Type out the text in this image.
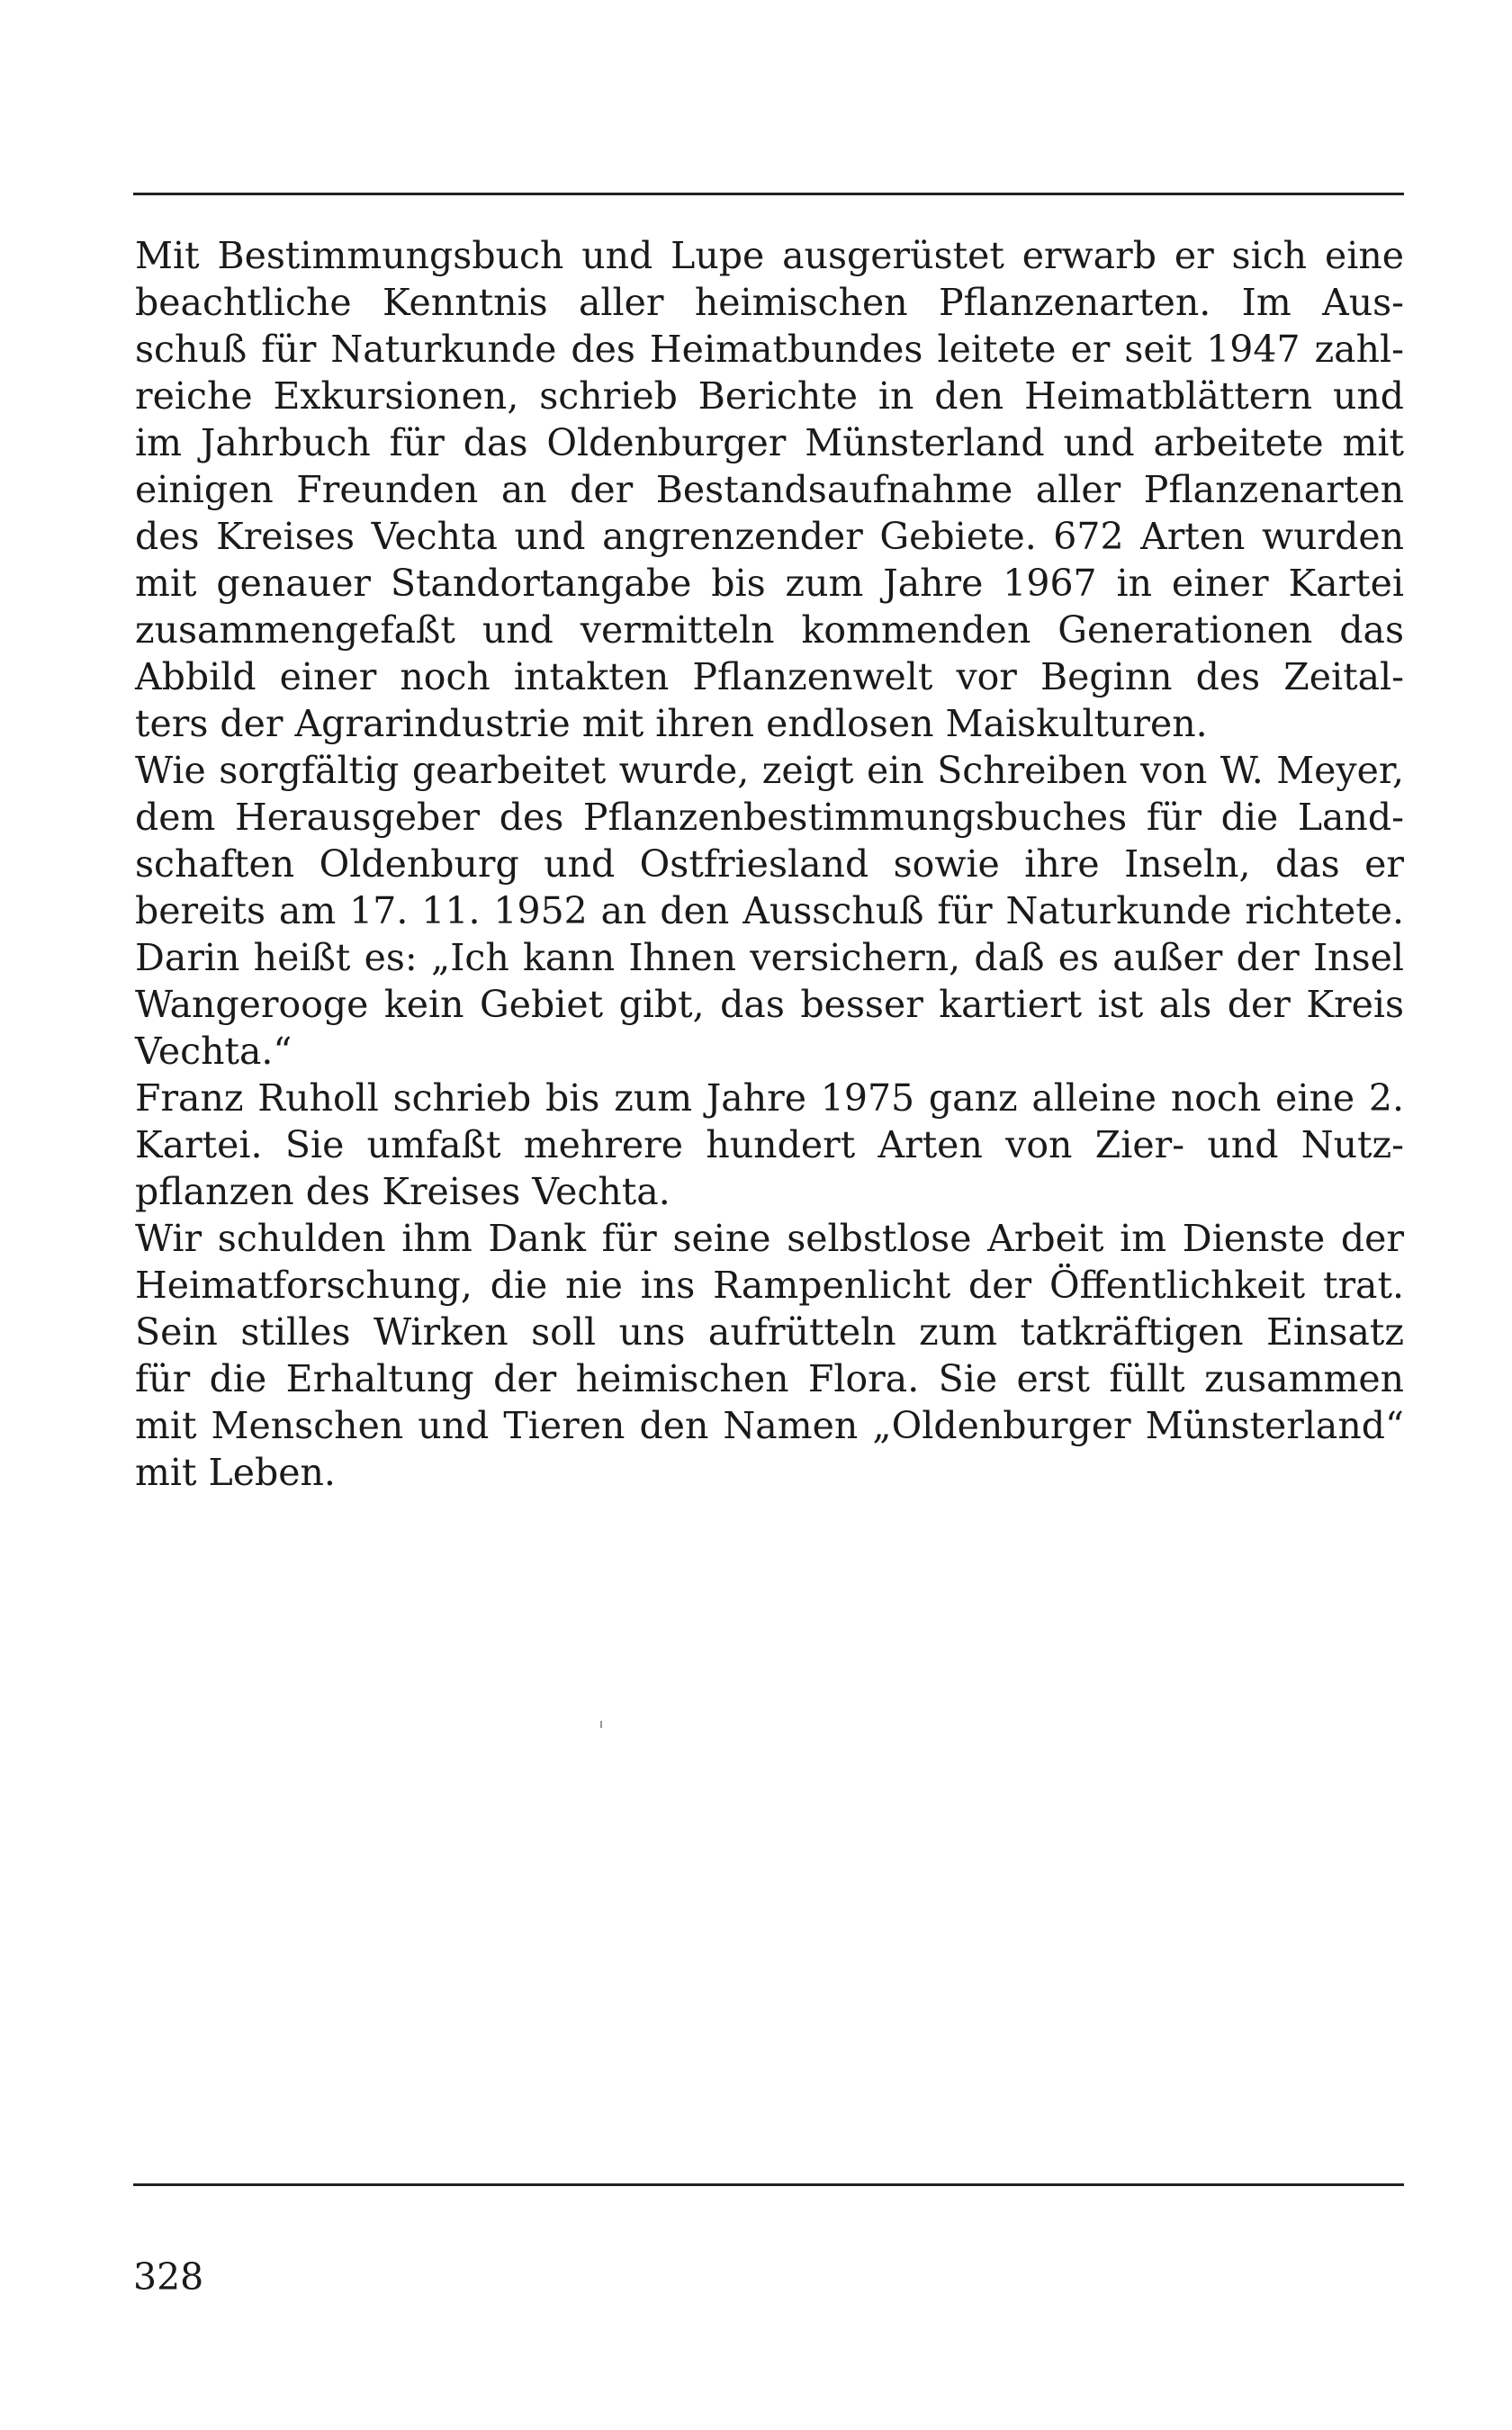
Mit Bestimmungsbuch und Lupe ausgerüstet erwarb er sich eine
beachtliche Kenntnis aller heimischen Pflanzenarten. Im Aus-
schuß für Naturkunde des Heimatbundes leitete er seit 1947 zahl-
reiche Exkursionen, schrieb Berichte in den Heimatblättern und
im Jahrbuch für das Oldenburger Münsterland und arbeitete mit
einigen Freunden an der Bestandsaufnahme aller Pflanzenarten
des Kreises Vechta und angrenzender Gebiete. 672 Arten wurden
mit genauer Standortangabe bis zum Jahre 1967 in einer Kartei
zusammengefaßt und vermitteln kommenden Generationen das
Abbild einer noch intakten Pflanzenwelt vor Beginn des Zeital-
ters der Agrarindustrie mit ihren endlosen Maiskulturen.
Wie sorgfältig gearbeitet wurde, zeigt ein Schreiben von W. Meyer,
dem Herausgeber des Pflanzenbestimmungsbuches für die Land-
schaften Oldenburg und Ostfriesland sowie ihre Inseln, das er
bereits am 17. 11. 1952 an den Ausschuß für Naturkunde richtete.
Darin heißt es: „Ich kann Ihnen versichern, daß es außer der Insel
Wangerooge kein Gebiet gibt, das besser kartiert ist als der Kreis
Vechta.“
Franz Ruholl schrieb bis zum Jahre 1975 ganz alleine noch eine 2.
Kartei. Sie umfaßt mehrere hundert Arten von Zier- und Nutz-
pflanzen des Kreises Vechta.
Wir schulden ihm Dank für seine selbstlose Arbeit im Dienste der
Heimatforschung, die nie ins Rampenlicht der Öffentlichkeit trat.
Sein stilles Wirken soll uns aufrütteln zum tatkräftigen Einsatz
für die Erhaltung der heimischen Flora. Sie erst füllt zusammen
mit Menschen und Tieren den Namen „Oldenburger Münsterland“
mit Leben.
328
